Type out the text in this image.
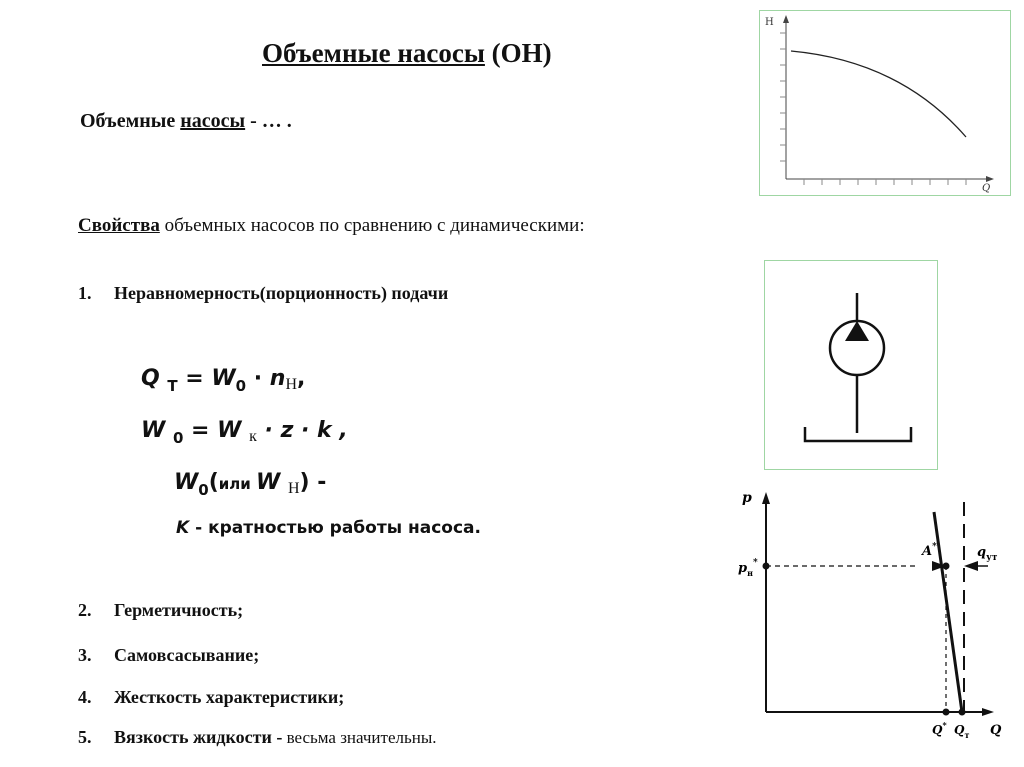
Объемные насосы (ОН)
Объемные насосы - … .
Свойства объемных насосов по сравнению с динамическими:
1. Неравномерность(порционность) подачи
Q $_T = W_0$ · nН,
W $_0$ = W к · z · k ,
$W_0(или$ W Н) -
K - кратностью работы насоса.
2. Герметичность;
3. Самовсасывание;
4. Жесткость характеристики;
5. Вязкость жидкости - весьма значительны.
H
Q
p
Q
$p_н^*$
A*	$q_{ут}$
Q* $Q_т$
